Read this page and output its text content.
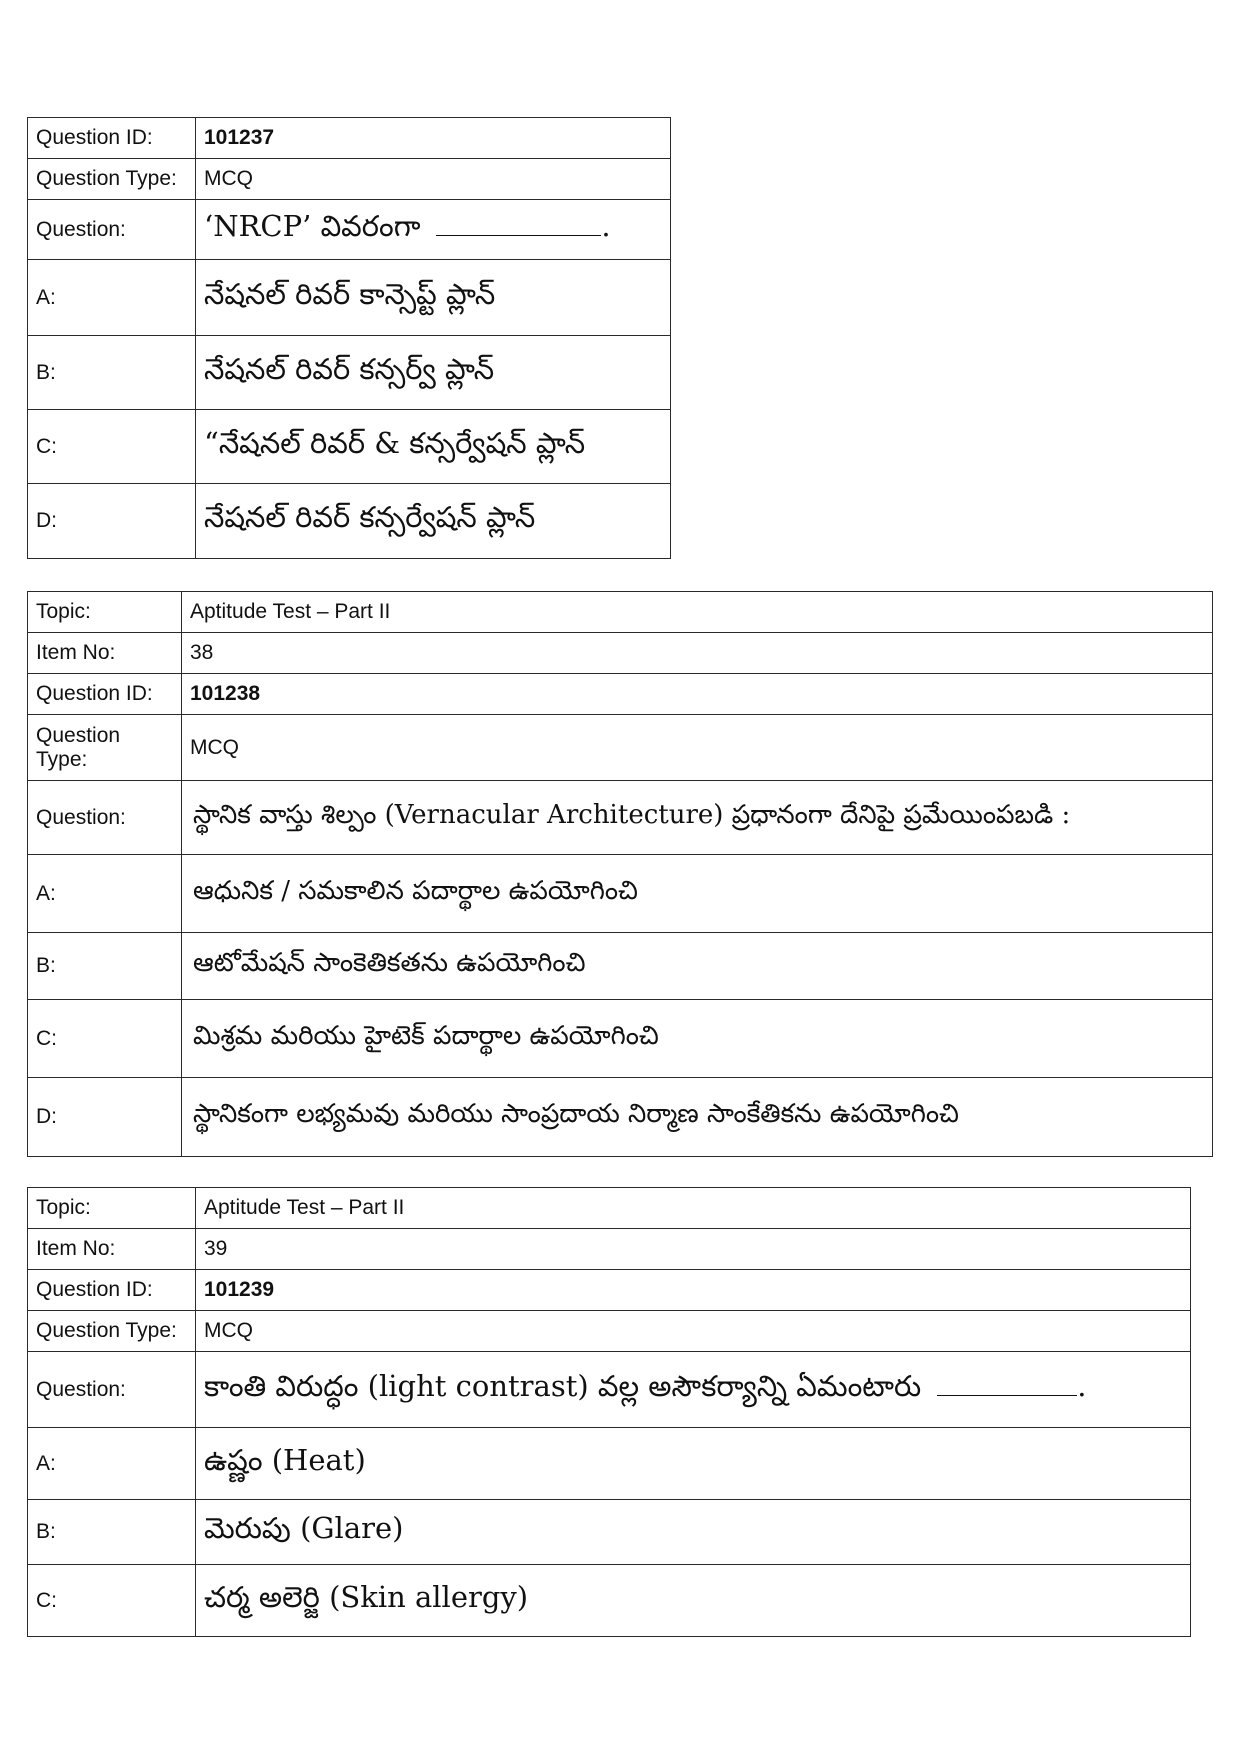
Question ID:	101237
Question Type:	MCQ
Question:	‘NRCP’ వివరంగా .
A:	నేషనల్ రివర్ కాన్సెప్ట్ ప్లాన్
B:	నేషనల్ రివర్ కన్సర్వ్ ప్లాన్
C:	“నేషనల్ రివర్ & కన్సర్వేషన్ ప్లాన్
D:	నేషనల్ రివర్ కన్సర్వేషన్ ప్లాన్
Topic:	Aptitude Test – Part II
Item No:	38
Question ID:	101238
Question Type:	MCQ
Question:	స్థానిక వాస్తు శిల్పం (Vernacular Architecture) ప్రధానంగా దేనిపై ప్రమేయింపబడి :
A:	ఆధునిక / సమకాలిన పదార్థాల ఉపయోగించి
B:	ఆటోమేషన్ సాంకెతికతను ఉపయోగించి
C:	మిశ్రమ మరియు హైటెక్ పదార్థాల ఉపయోగించి
D:	స్థానికంగా లభ్యమవు మరియు సాంప్రదాయ నిర్మాణ సాంకేతికను ఉపయోగించి
Topic:	Aptitude Test – Part II
Item No:	39
Question ID:	101239
Question Type:	MCQ
Question:	కాంతి విరుద్ధం (light contrast) వల్ల అసౌకర్యాన్ని ఏమంటారు .
A:	ఉష్ణం (Heat)
B:	మెరుపు (Glare)
C:	చర్మ అలెర్జి (Skin allergy)
